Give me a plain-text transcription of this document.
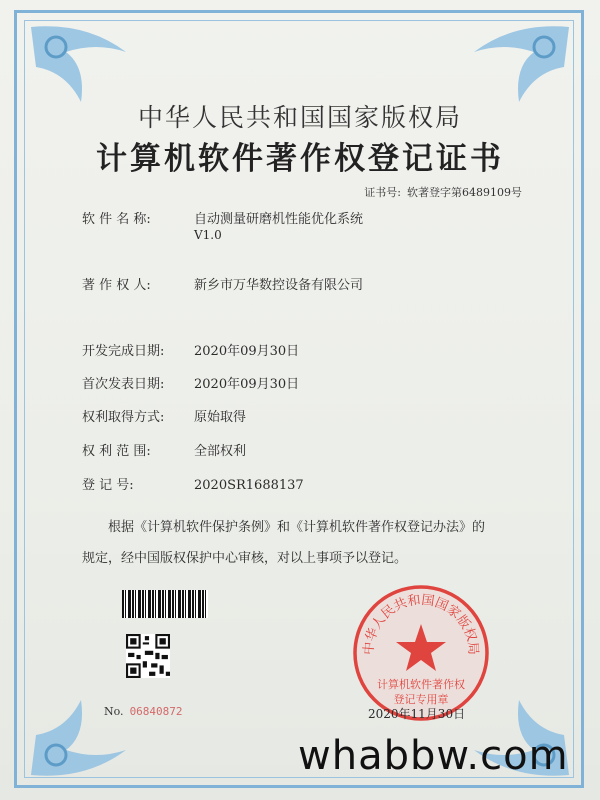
中华人民共和国国家版权局
计算机软件著作权登记证书
证书号: 软著登字第6489109号
软 件 名 称:	自动测量研磨机性能优化系统
V1.0
著 作 权 人:	新乡市万华数控设备有限公司
开发完成日期: 2020年09月30日
首次发表日期: 2020年09月30日
权利取得方式: 原始取得
权 利 范 围:	全部权利
登 记 号:	2020SR1688137
根据《计算机软件保护条例》和《计算机软件著作权登记办法》的
规定，经中国版权保护中心审核，对以上事项予以登记。
No. 06840872
中华人民共和国国家版权局
计算机软件著作权
登记专用章
2020年11月30日
whabbw.com
